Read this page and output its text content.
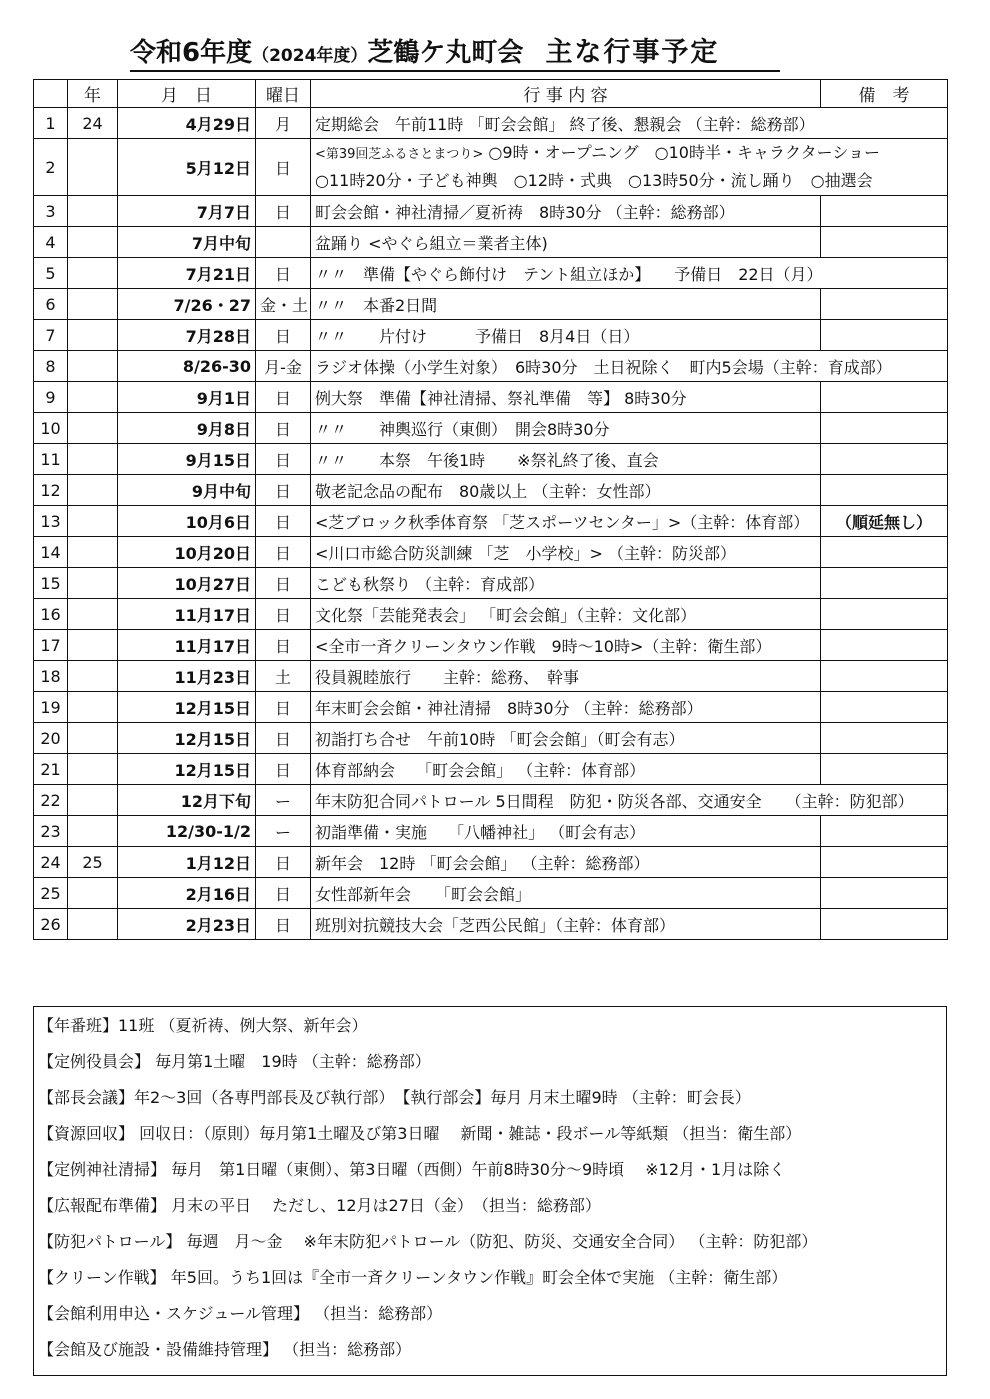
令和6年度（2024年度）芝鶴ケ丸町会 主な行事予定
	年	月　日	曜日	行 事 内 容	備　考
1	24	4月29日	月	定期総会　午前11時 「町会会館」 終了後、懇親会 （主幹：総務部）	
2		5月12日	日	<第39回芝ふるさとまつり> ○9時・オープニング　○10時半・キャラクターショー
○11時20分・子ども神輿　○12時・式典　○13時50分・流し踊り　○抽選会	

3		7月7日	日	町会会館・神社清掃／夏祈祷　8時30分 （主幹：総務部）	
4		7月中旬		盆踊り <やぐら組立＝業者主体)	
5		7月21日	日	〃〃　準備【やぐら飾付け　テント組立ほか】　　予備日　22日（月）	
6		7/26・27	金・土	〃〃　本番2日間	
7		7月28日	日	〃〃　　片付け　　　予備日　8月4日（日）	
8		8/26-30	月-金	ラジオ体操（小学生対象）　6時30分　土日祝除く　町内5会場（主幹：育成部）	
9		9月1日	日	例大祭　準備【神社清掃、祭礼準備　等】 8時30分	
10		9月8日	日	〃〃　　神輿巡行（東側）　開会8時30分	
11		9月15日	日	〃〃　　本祭　午後1時　　※祭礼終了後、直会	
12		9月中旬	日	敬老記念品の配布　80歳以上 （主幹：女性部）	
13		10月6日	日	<芝ブロック秋季体育祭 「芝スポーツセンター」>（主幹：体育部）	（順延無し）
14		10月20日	日	<川口市総合防災訓練 「芝　小学校」> （主幹：防災部）	
15		10月27日	日	こども秋祭り （主幹：育成部）	
16		11月17日	日	文化祭「芸能発表会」 「町会会館」（主幹：文化部）	
17		11月17日	日	<全市一斉クリーンタウン作戦　9時～10時>（主幹：衛生部）	
18		11月23日	土	役員親睦旅行　　主幹：総務、　幹事	
19		12月15日	日	年末町会会館・神社清掃　8時30分 （主幹：総務部）	
20		12月15日	日	初詣打ち合せ　午前10時 「町会会館」（町会有志）	
21		12月15日	日	体育部納会　 「町会会館」 （主幹：体育部）	
22		12月下旬	ー	年末防犯合同パトロール 5日間程　防犯・防災各部、交通安全　　（主幹：防犯部）	
23		12/30-1/2	ー	初詣準備・実施　 「八幡神社」 （町会有志）	
24	25	1月12日	日	新年会　12時 「町会会館」 （主幹：総務部）	
25		2月16日	日	女性部新年会　　「町会会館」	
26		2月23日	日	班別対抗競技大会「芝西公民館」（主幹：体育部）	
【年番班】11班 （夏祈祷、例大祭、新年会）
【定例役員会】 毎月第1土曜　19時 （主幹：総務部）
【部長会議】年2～3回（各専門部長及び執行部）　【執行部会】毎月 月末土曜9時 （主幹：町会長）
【資源回収】 回収日：（原則）毎月第1土曜及び第3日曜　 新聞・雑誌・段ボール等紙類 （担当：衛生部）
【定例神社清掃】 毎月　第1日曜（東側）、第3日曜（西側）午前8時30分～9時頃　 ※12月・1月は除く
【広報配布準備】 月末の平日　 ただし、12月は27日（金）　（担当：総務部）
【防犯パトロール】 毎週　月～金　 ※年末防犯パトロール（防犯、防災、交通安全合同） （主幹：防犯部）
【クリーン作戦】 年5回。うち1回は『全市一斉クリーンタウン作戦』町会全体で実施 （主幹：衛生部）
【会館利用申込・スケジュール管理】 （担当：総務部）
【会館及び施設・設備維持管理】 （担当：総務部）
